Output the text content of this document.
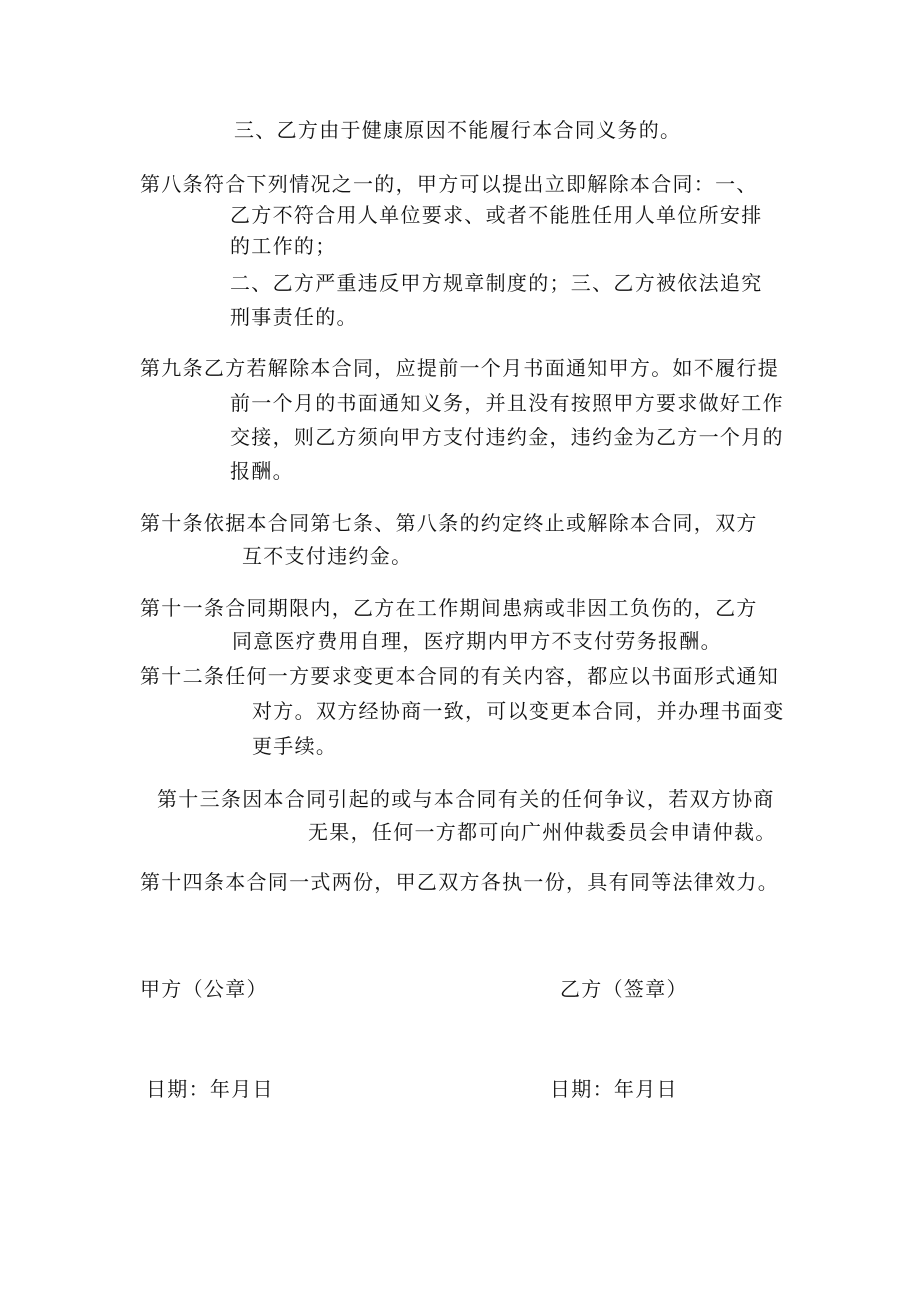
三、乙方由于健康原因不能履行本合同义务的。
第八条符合下列情况之一的，甲方可以提出立即解除本合同：一、
乙方不符合用人单位要求、或者不能胜任用人单位所安排
的工作的；
二、乙方严重违反甲方规章制度的；三、乙方被依法追究
刑事责任的。
第九条乙方若解除本合同，应提前一个月书面通知甲方。如不履行提
前一个月的书面通知义务，并且没有按照甲方要求做好工作
交接，则乙方须向甲方支付违约金，违约金为乙方一个月的
报酬。
第十条依据本合同第七条、第八条的约定终止或解除本合同，双方
互不支付违约金。
第十一条合同期限内，乙方在工作期间患病或非因工负伤的，乙方
同意医疗费用自理，医疗期内甲方不支付劳务报酬。
第十二条任何一方要求变更本合同的有关内容，都应以书面形式通知
对方。双方经协商一致，可以变更本合同，并办理书面变
更手续。
第十三条因本合同引起的或与本合同有关的任何争议，若双方协商
无果，任何一方都可向广州仲裁委员会申请仲裁。
第十四条本合同一式两份，甲乙双方各执一份，具有同等法律效力。
甲方（公章）	乙方（签章）
日期：年月日	日期：年月日
